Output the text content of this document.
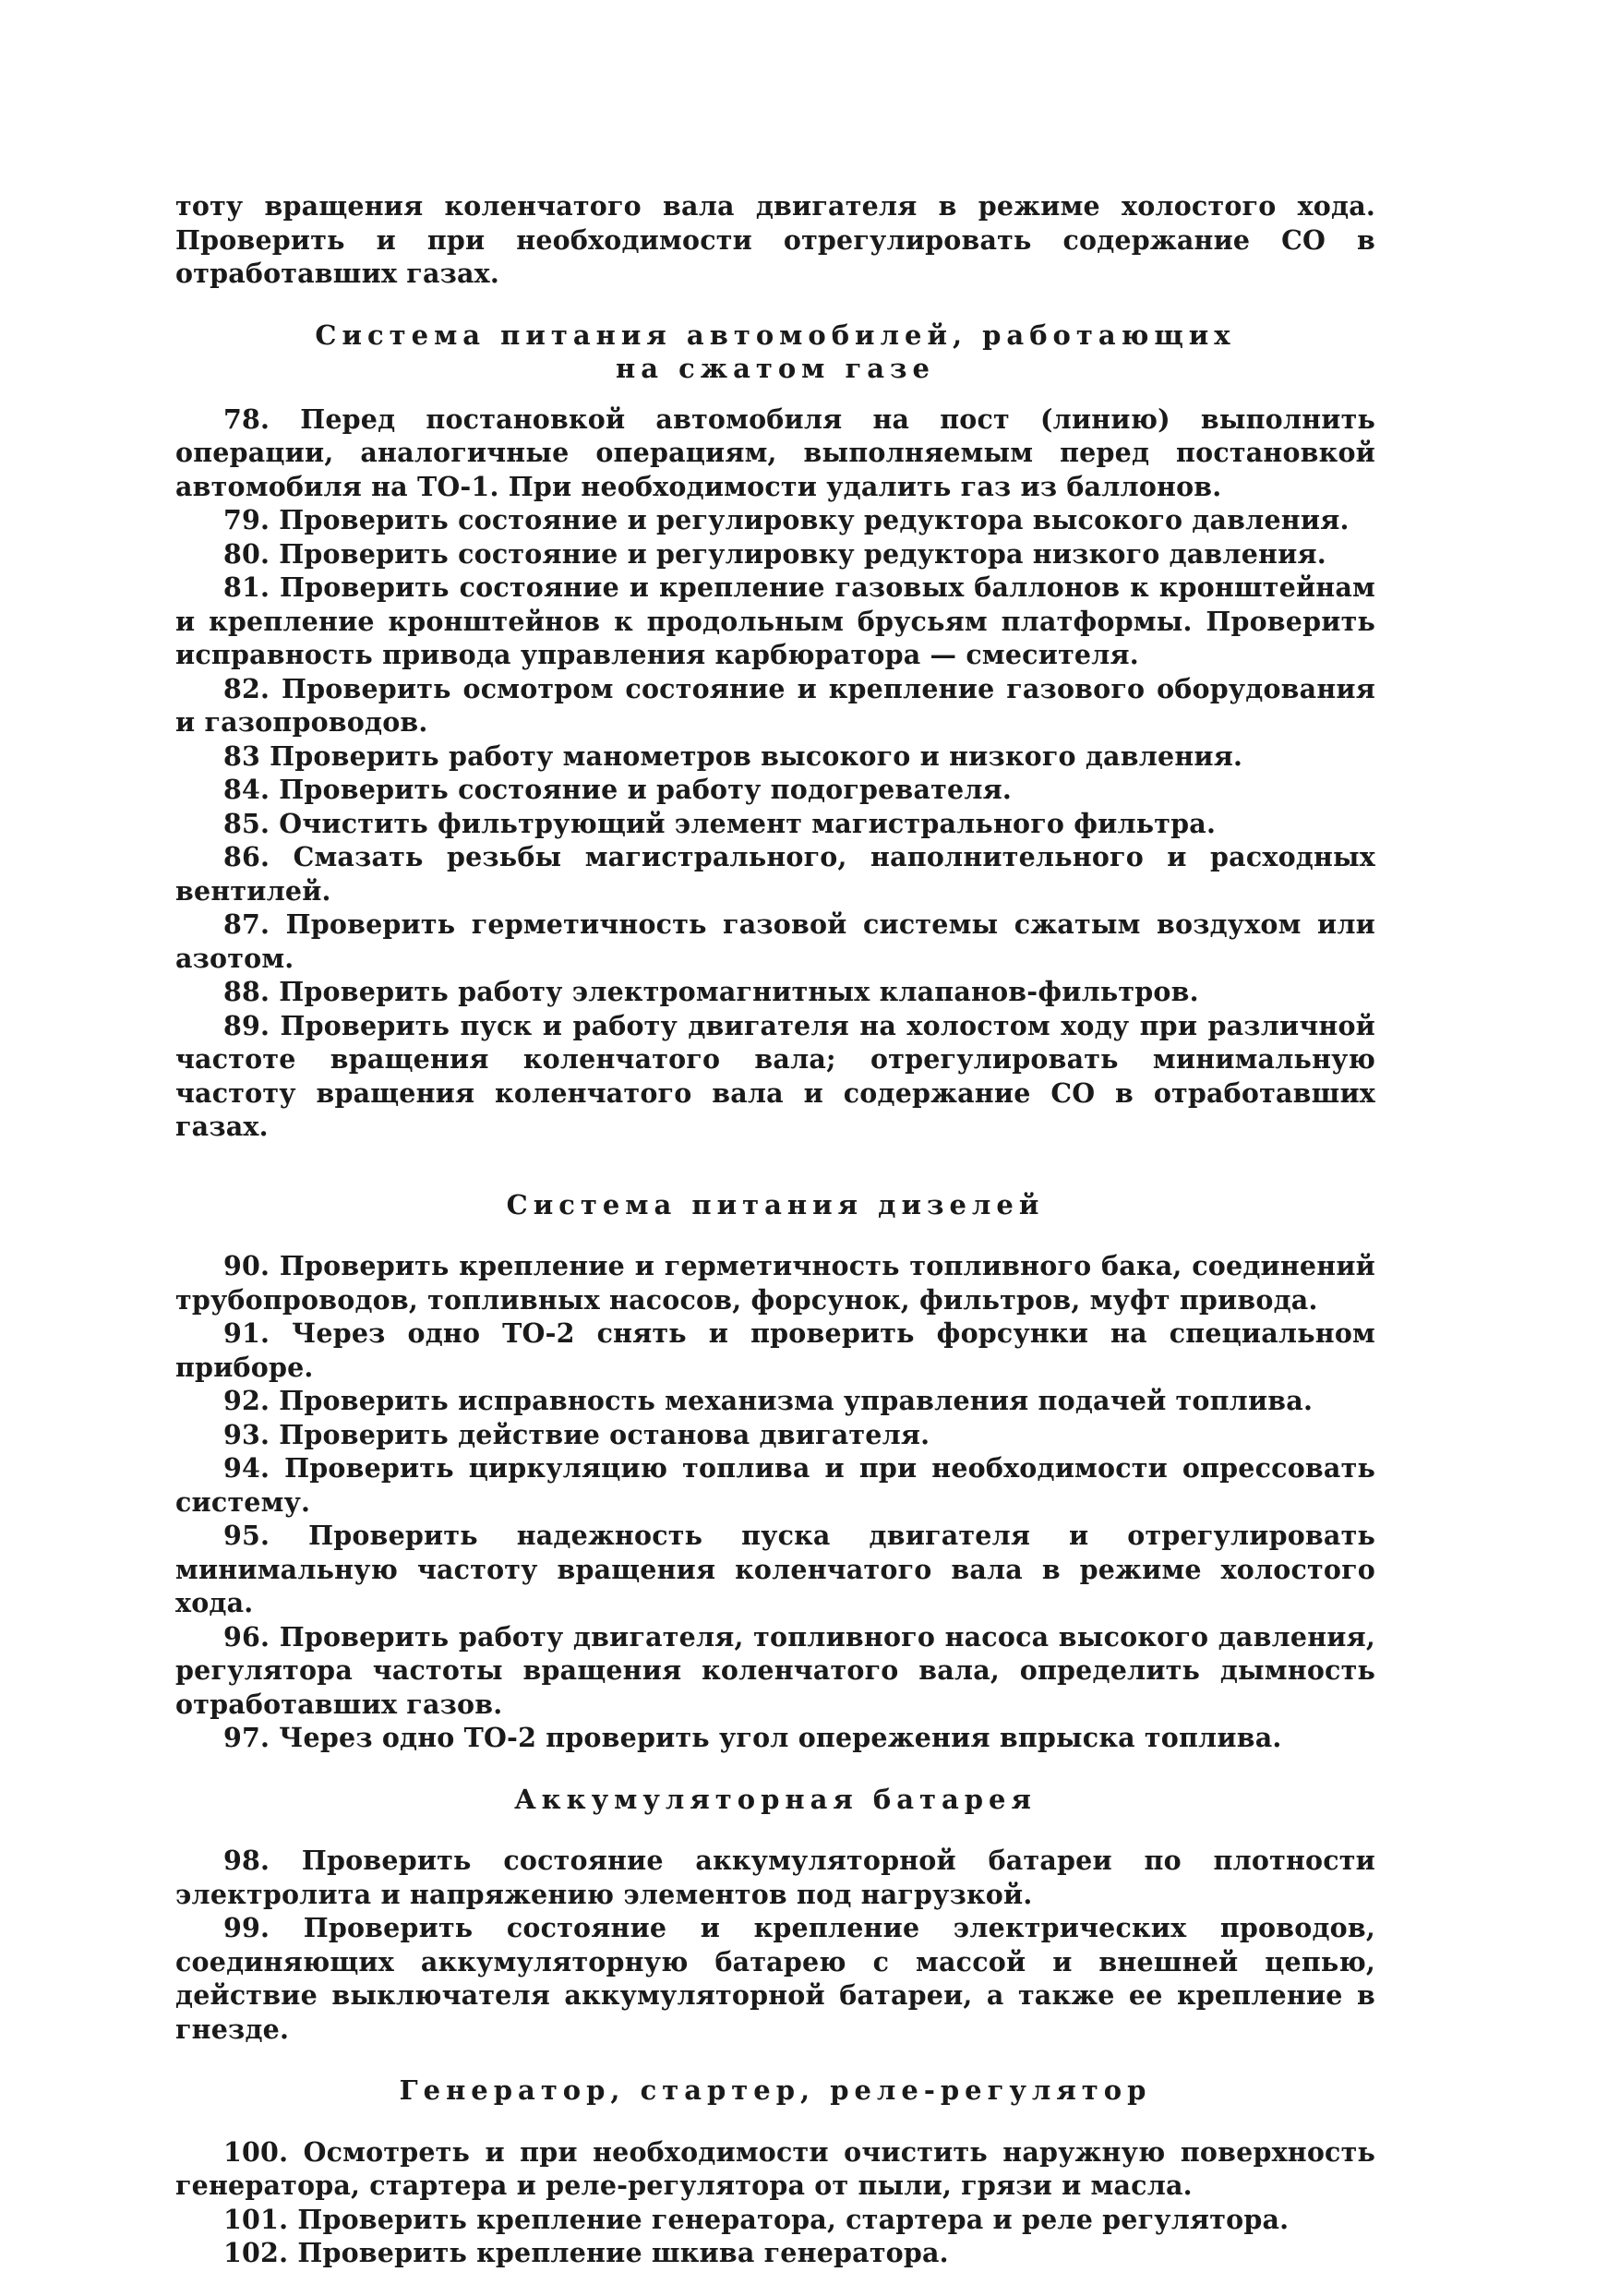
тоту вращения коленчатого вала двигателя в режиме холостого хода. Проверить и при необходимости отрегулировать содержание СО в отработавших газах.

Система питания автомобилей, работающих

на сжатом газе

78. Перед постановкой автомобиля на пост (линию) выполнить операции, аналогичные операциям, выполняемым перед постановкой автомобиля на ТО-1. При необходимости удалить газ из баллонов.

79. Проверить состояние и регулировку редуктора высокого давления.

80. Проверить состояние и регулировку редуктора низкого давления.

81. Проверить состояние и крепление газовых баллонов к кронштейнам и крепление кронштейнов к продольным брусьям платформы. Проверить исправность привода управления карбюратора — смесителя.

82. Проверить осмотром состояние и крепление газового оборудования и газопроводов.

83 Проверить работу манометров высокого и низкого давления.

84. Проверить состояние и работу подогревателя.

85. Очистить фильтрующий элемент магистрального фильтра.

86. Смазать резьбы магистрального, наполнительного и расходных вентилей.

87. Проверить герметичность газовой системы сжатым воздухом или азотом.

88. Проверить работу электромагнитных клапанов-фильтров.

89. Проверить пуск и работу двигателя на холостом ходу при различной частоте вращения коленчатого вала; отрегулировать минимальную частоту вращения коленчатого вала и содержание СО в отработавших газах.

Система питания дизелей

90. Проверить крепление и герметичность топливного бака, соединений трубопроводов, топливных насосов, форсунок, фильтров, муфт привода.

91. Через одно ТО-2 снять и проверить форсунки на специальном приборе.

92. Проверить исправность механизма управления подачей топлива.

93. Проверить действие останова двигателя.

94. Проверить циркуляцию топлива и при необходимости опрессовать систему.

95. Проверить надежность пуска двигателя и отрегулировать минимальную частоту вращения коленчатого вала в режиме холостого хода.

96. Проверить работу двигателя, топливного насоса высокого давления, регулятора частоты вращения коленчатого вала, определить дымность отработавших газов.

97. Через одно ТО-2 проверить угол опережения впрыска топлива.

Аккумуляторная батарея

98. Проверить состояние аккумуляторной батареи по плотности электролита и напряжению элементов под нагрузкой.

99. Проверить состояние и крепление электрических проводов, соединяющих аккумуляторную батарею с массой и внешней цепью, действие выключателя аккумуляторной батареи, а также ее крепление в гнезде.

Генератор, стартер, реле-регулятор

100. Осмотреть и при необходимости очистить наружную поверхность генератора, стартера и реле-регулятора от пыли, грязи и масла.

101. Проверить крепление генератора, стартера и реле регулятора.

102. Проверить крепление шкива генератора.
